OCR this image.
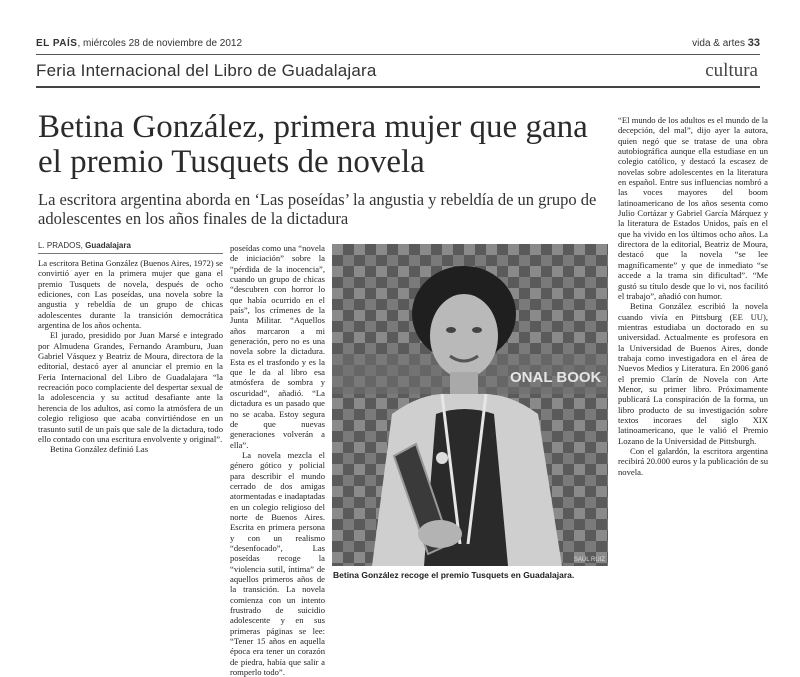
EL PAÍS, miércoles 28 de noviembre de 2012	vida & artes 33
Feria Internacional del Libro de Guadalajara	cultura
Betina González, primera mujer que gana el premio Tusquets de novela

La escritora argentina aborda en ‘Las poseídas’ la angustia y rebeldía de un grupo de adolescentes en los años finales de la dictadura

L. PRADOS, Guadalajara

La escritora Betina González (Buenos Aires, 1972) se convirtió ayer en la primera mujer que gana el premio Tusquets de novela, después de ocho ediciones, con Las poseídas, una novela sobre la angustia y rebeldía de un grupo de chicas adolescentes durante la transición democrática argentina de los años ochenta.

El jurado, presidido por Juan Marsé e integrado por Almudena Grandes, Fernando Aramburu, Juan Gabriel Vásquez y Beatriz de Moura, directora de la editorial, destacó ayer al anunciar el premio en la Feria Internacional del Libro de Guadalajara “la recreación poco complaciente del despertar sexual de la adolescencia y su actitud desafiante ante la herencia de los adultos, así como la atmósfera de un colegio religioso que acaba convirtiéndose en un trasunto sutil de un país que sale de la dictadura, todo ello contado con una escritura envolvente y original”.

Betina González definió Las

poseídas como una “novela de iniciación” sobre la “pérdida de la inocencia”, cuando un grupo de chicas “descubren con horror lo que había ocurrido en el país”, los crímenes de la Junta Militar. “Aquellos años marcaron a mi generación, pero no es una novela sobre la dictadura. Esta es el trasfondo y es la que le da al libro esa atmósfera de sombra y oscuridad”, añadió. “La dictadura es un pasado que no se acaba. Estoy segura de que nuevas generaciones volverán a ella”.

La novela mezcla el género gótico y policial para describir el mundo cerrado de dos amigas atormentadas e inadaptadas en un colegio religioso del norte de Buenos Aires. Escrita en primera persona y con un realismo “desenfocado”, Las poseídas recoge la “violencia sutil, íntima” de aquellos primeros años de la transición. La novela comienza con un intento frustrado de suicidio adolescente y en sus primeras páginas se lee: “Tener 15 años en aquella época era tener un corazón de piedra, había que salir a romperlo todo”.

ONAL BOOK
SAÚL RUIZ
Betina González recoge el premio Tusquets en Guadalajara.

“El mundo de los adultos es el mundo de la decepción, del mal”, dijo ayer la autora, quien negó que se tratase de una obra autobiográfica aunque ella estudiase en un colegio católico, y destacó la escasez de novelas sobre adolescentes en la literatura en español. Entre sus influencias nombró a las voces mayores del boom latinoamericano de los años sesenta como Julio Cortázar y Gabriel García Márquez y la literatura de Estados Unidos, país en el que ha vivido en los últimos ocho años. La directora de la editorial, Beatriz de Moura, destacó que la novela “se lee magníficamente” y que de inmediato “se accede a la trama sin dificultad”. “Me gustó su título desde que lo vi, nos facilitó el trabajo”, añadió con humor.

Betina González escribió la novela cuando vivía en Pittsburg (EE UU), mientras estudiaba un doctorado en su universidad. Actualmente es profesora en la Universidad de Buenos Aires, donde trabaja como investigadora en el área de Nuevos Medios y Literatura. En 2006 ganó el premio Clarín de Novela con Arte Menor, su primer libro. Próximamente publicará La conspiración de la forma, un libro producto de su investigación sobre textos incoraes del siglo XIX latinoamericano, que le valió el Premio Lozano de la Universidad de Pittsburgh.

Con el galardón, la escritora argentina recibirá 20.000 euros y la publicación de su novela.
